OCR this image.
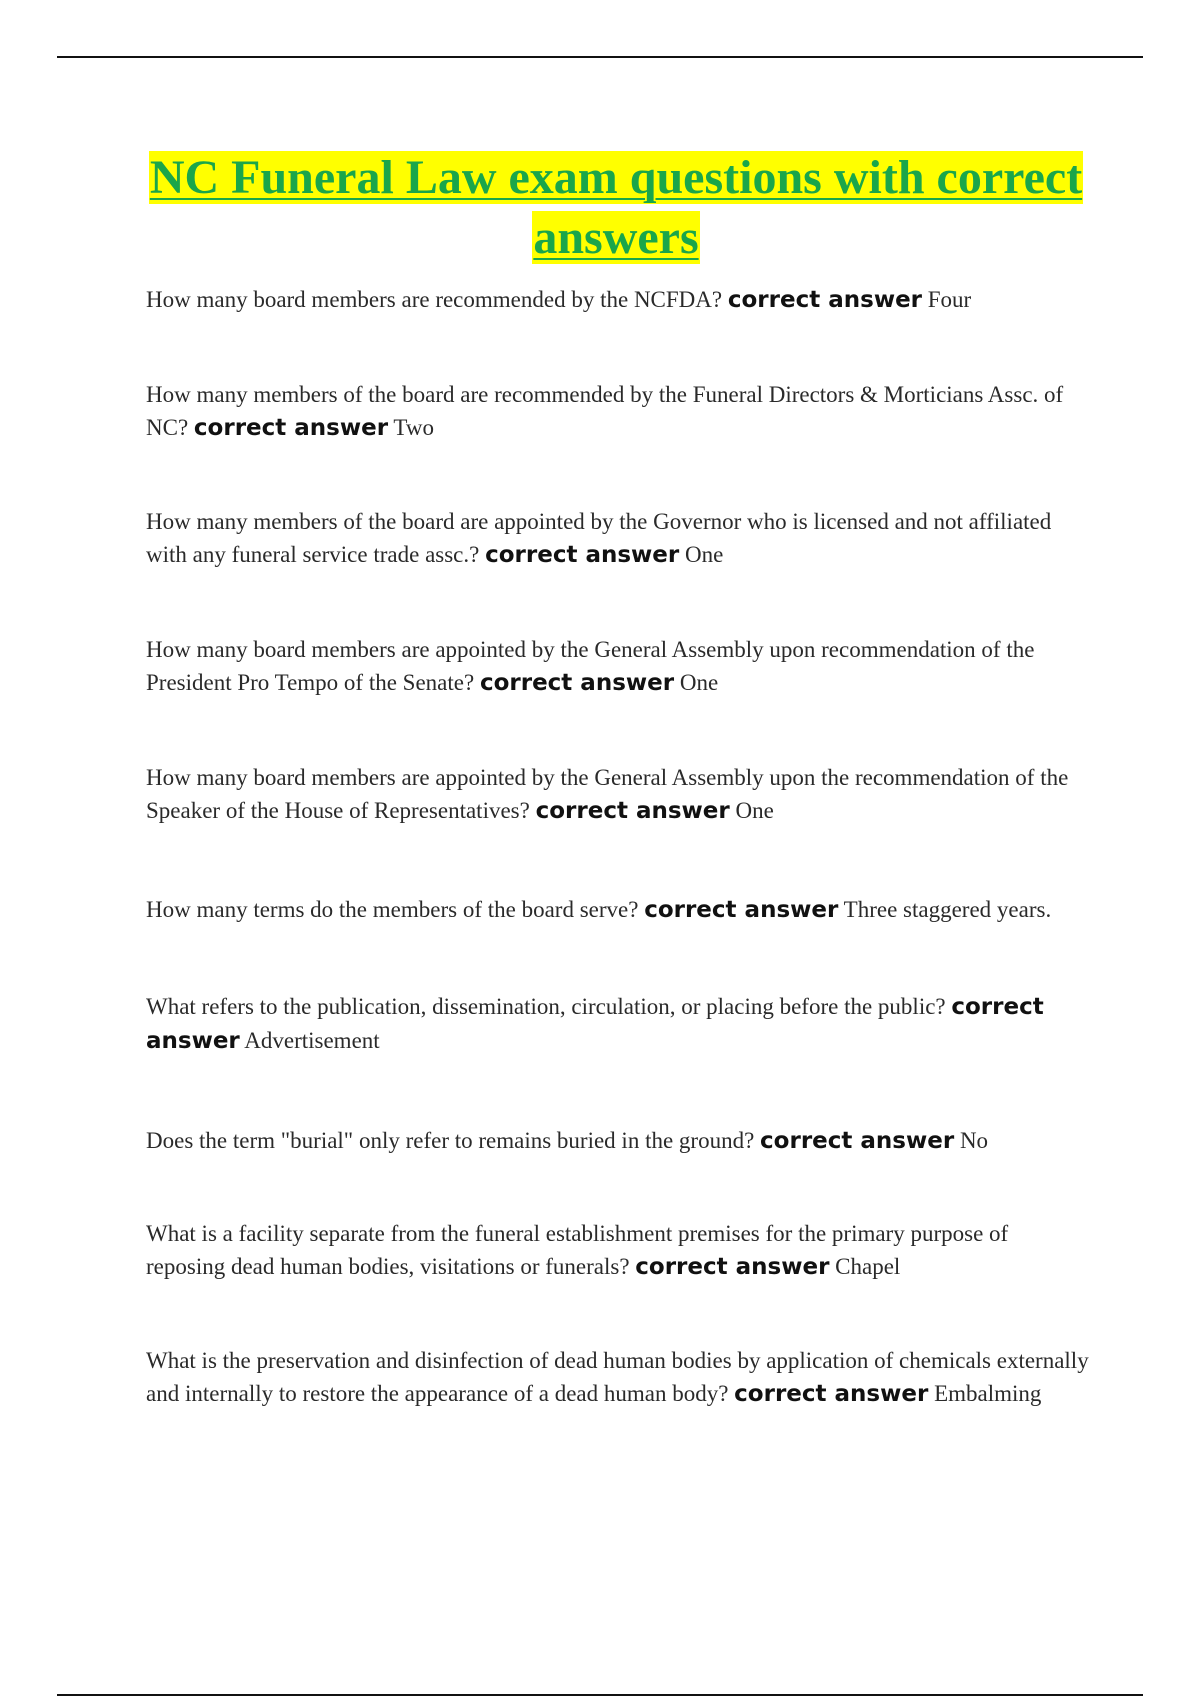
NC Funeral Law exam questions with correct answers

How many board members are recommended by the NCFDA? correct answer Four

How many members of the board are recommended by the Funeral Directors & Morticians Assc. of NC? correct answer Two

How many members of the board are appointed by the Governor who is licensed and not affiliated with any funeral service trade assc.? correct answer One

How many board members are appointed by the General Assembly upon recommendation of the President Pro Tempo of the Senate? correct answer One

How many board members are appointed by the General Assembly upon the recommendation of the Speaker of the House of Representatives? correct answer One

How many terms do the members of the board serve? correct answer Three staggered years.

What refers to the publication, dissemination, circulation, or placing before the public? correct answer Advertisement

Does the term "burial" only refer to remains buried in the ground? correct answer No

What is a facility separate from the funeral establishment premises for the primary purpose of reposing dead human bodies, visitations or funerals? correct answer Chapel

What is the preservation and disinfection of dead human bodies by application of chemicals externally and internally to restore the appearance of a dead human body? correct answer Embalming
